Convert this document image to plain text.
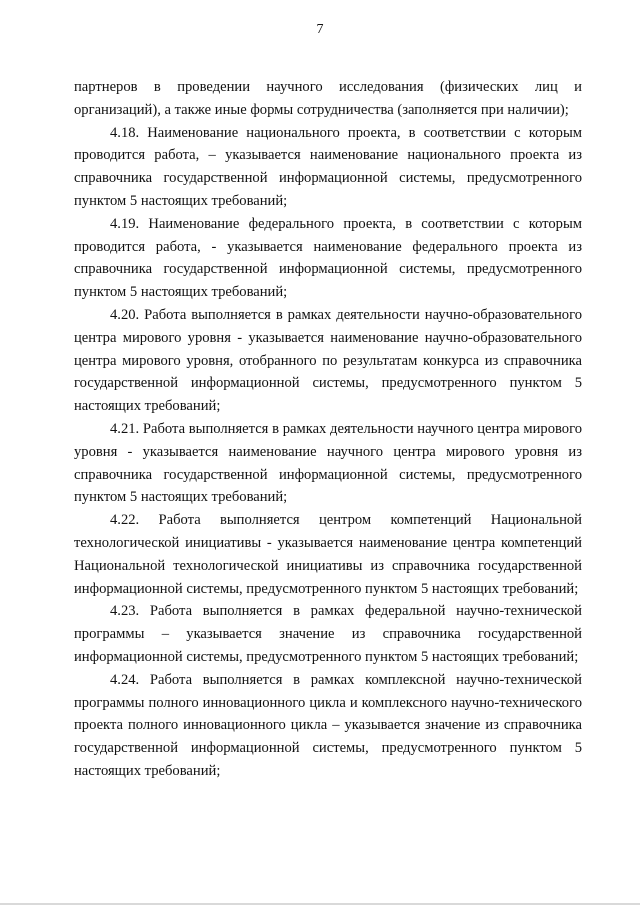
7

партнеров в проведении научного исследования (физических лиц и организаций), а также иные формы сотрудничества (заполняется при наличии);

4.18. Наименование национального проекта, в соответствии с которым проводится работа, – указывается наименование национального проекта из справочника государственной информационной системы, предусмотренного пунктом 5 настоящих требований;

4.19. Наименование федерального проекта, в соответствии с которым проводится работа, - указывается наименование федерального проекта из справочника государственной информационной системы, предусмотренного пунктом 5 настоящих требований;

4.20. Работа выполняется в рамках деятельности научно-образовательного центра мирового уровня - указывается наименование научно-образовательного центра мирового уровня, отобранного по результатам конкурса из справочника государственной информационной системы, предусмотренного пунктом 5 настоящих требований;

4.21. Работа выполняется в рамках деятельности научного центра мирового уровня - указывается наименование научного центра мирового уровня из справочника государственной информационной системы, предусмотренного пунктом 5 настоящих требований;

4.22. Работа выполняется центром компетенций Национальной технологической инициативы - указывается наименование центра компетенций Национальной технологической инициативы из справочника государственной информационной системы, предусмотренного пунктом 5 настоящих требований;

4.23. Работа выполняется в рамках федеральной научно-технической программы – указывается значение из справочника государственной информационной системы, предусмотренного пунктом 5 настоящих требований;

4.24. Работа выполняется в рамках комплексной научно-технической программы полного инновационного цикла и комплексного научно-технического проекта полного инновационного цикла – указывается значение из справочника государственной информационной системы, предусмотренного пунктом 5 настоящих требований;
